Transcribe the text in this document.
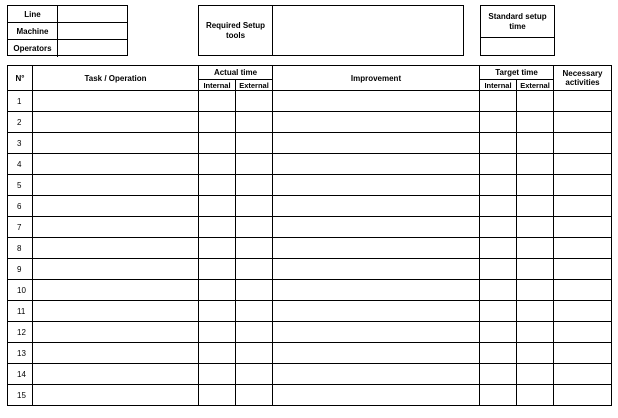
Line
Machine
Operators
Required Setup tools
Standard setup time
N°	Task / Operation	Actual time		Improvement	Target time		Necessary activities
		Internal	External		Internal	External	
1							
2							
3							
4							
5							
6							
7							
8							
9							
10							
11							
12							
13							
14							
15							
